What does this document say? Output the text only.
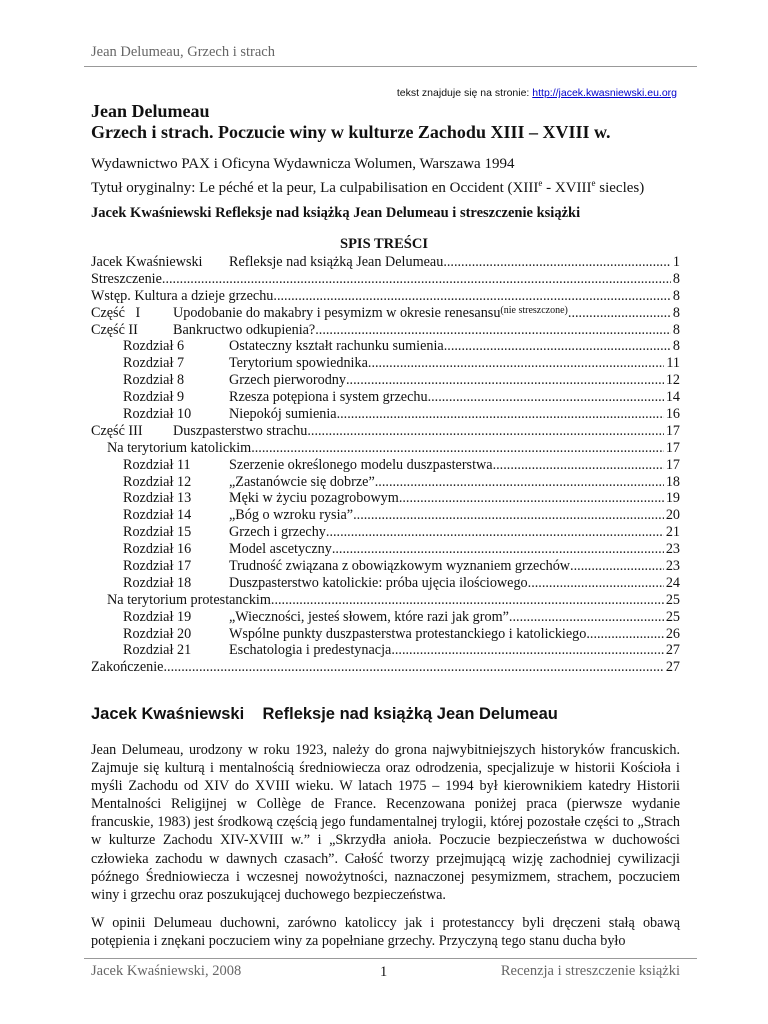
Jean Delumeau, Grzech i strach
tekst znajduje się na stronie: http://jacek.kwasniewski.eu.org
Jean Delumeau
Grzech i strach. Poczucie winy w kulturze Zachodu XIII – XVIII w.
Wydawnictwo PAX i Oficyna Wydawnicza Wolumen, Warszawa 1994
Tytuł oryginalny: Le péché et la peur, La culpabilisation en Occident (XIIIe - XVIIIe siecles)
Jacek Kwaśniewski Refleksje nad książką Jean Delumeau i streszczenie książki
SPIS TREŚCI
Jacek Kwaśniewski	Refleksje nad książką Jean Delumeau .....	1
Streszczenie .....	8
Wstęp. Kultura a dzieje grzechu .....	8
Część   I	Upodobanie do makabry i pesymizm w okresie renesansu (nie streszczone) .....	8
Część II	Bankructwo odkupienia? .....	8
Rozdział 6	Ostateczny kształt rachunku sumienia .....	8
Rozdział 7	Terytorium spowiednika .....	11
Rozdział 8	Grzech pierworodny .....	12
Rozdział 9	Rzesza potępiona i system grzechu .....	14
Rozdział 10	Niepokój sumienia .....	16
Część III	Duszpasterstwo strachu .....	17
Na terytorium katolickim .....	17
Rozdział 11	Szerzenie określonego modelu duszpasterstwa .....	17
Rozdział 12	„Zastanówcie się dobrze” .....	18
Rozdział 13	Męki w życiu pozagrobowym .....	19
Rozdział 14	„Bóg o wzroku rysia” .....	20
Rozdział 15	Grzech i grzechy .....	21
Rozdział 16	Model ascetyczny .....	23
Rozdział 17	Trudność związana z obowiązkowym wyznaniem grzechów .....	23
Rozdział 18	Duszpasterstwo katolickie: próba ujęcia ilościowego .....	24
Na terytorium protestanckim .....	25
Rozdział 19	„Wieczności, jesteś słowem, które razi jak grom” .....	25
Rozdział 20	Wspólne punkty duszpasterstwa protestanckiego i katolickiego. .....	26
Rozdział 21	Eschatologia i predestynacja .....	27
Zakończenie .....	27
Jacek Kwaśniewski    Refleksje nad książką Jean Delumeau

Jean Delumeau, urodzony w roku 1923, należy do grona najwybitniejszych historyków francuskich. Zajmuje się kulturą i mentalnością średniowiecza oraz odrodzenia, specjalizuje w historii Kościoła i myśli Zachodu od XIV do XVIII wieku. W latach 1975 – 1994 był kierownikiem katedry Historii Mentalności Religijnej w Collège de France. Recenzowana poniżej praca (pierwsze wydanie francuskie, 1983) jest środkową częścią jego fundamentalnej trylogii, której pozostałe części to „Strach w kulturze Zachodu XIV-XVIII w.” i „Skrzydła anioła. Poczucie bezpieczeństwa w duchowości człowieka zachodu w dawnych czasach”. Całość tworzy przejmującą wizję zachodniej cywilizacji późnego Średniowiecza i wczesnej nowożytności, naznaczonej pesymizmem, strachem, poczuciem winy i grzechu oraz poszukującej duchowego bezpieczeństwa.

W opinii Delumeau duchowni, zarówno katoliccy jak i protestanccy byli dręczeni stałą obawą potępienia i znękani poczuciem winy za popełniane grzechy. Przyczyną tego stanu ducha było

Jacek Kwaśniewski, 2008	1	Recenzja i streszczenie książki
